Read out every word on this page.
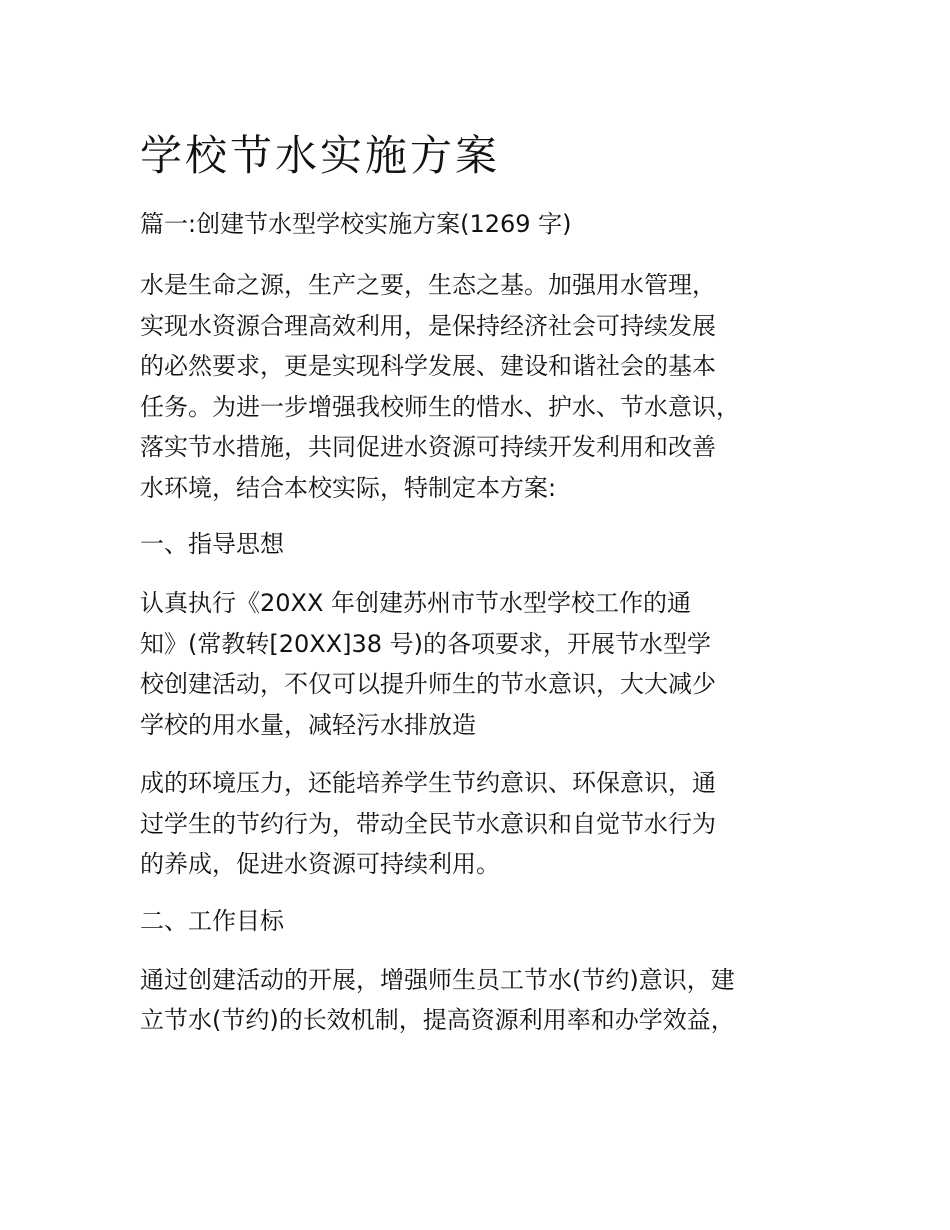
学校节水实施方案
篇一:创建节水型学校实施方案(1269 字)
水是生命之源，生产之要，生态之基。加强用水管理，
实现水资源合理高效利用，是保持经济社会可持续发展
的必然要求，更是实现科学发展、建设和谐社会的基本
任务。为进一步增强我校师生的惜水、护水、节水意识，
落实节水措施，共同促进水资源可持续开发利用和改善
水环境，结合本校实际，特制定本方案:
一、指导思想
认真执行《20XX 年创建苏州市节水型学校工作的通
知》(常教转[20XX]38 号)的各项要求，开展节水型学
校创建活动，不仅可以提升师生的节水意识，大大减少
学校的用水量，减轻污水排放造
成的环境压力，还能培养学生节约意识、环保意识，通
过学生的节约行为，带动全民节水意识和自觉节水行为
的养成，促进水资源可持续利用。
二、工作目标
通过创建活动的开展，增强师生员工节水(节约)意识，建
立节水(节约)的长效机制，提高资源利用率和办学效益，
